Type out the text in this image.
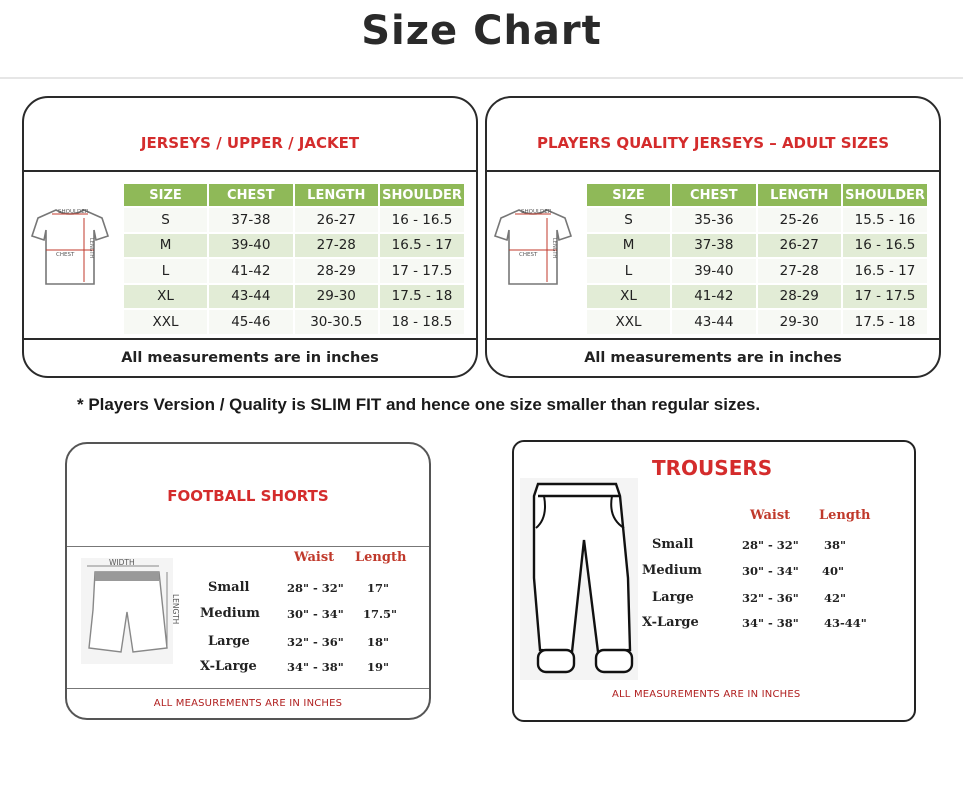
Size Chart
JERSEYS / UPPER / JACKET
SHOULDER
LENGTH
CHEST
SIZE	CHEST	LENGTH	SHOULDER
S	37-38	26-27	16 - 16.5
M	39-40	27-28	16.5 - 17
L	41-42	28-29	17 - 17.5
XL	43-44	29-30	17.5 - 18
XXL	45-46	30-30.5	18 - 18.5
All measurements are in inches
PLAYERS QUALITY JERSEYS – ADULT SIZES
SHOULDER
LENGTH
CHEST
SIZE	CHEST	LENGTH	SHOULDER
S	35-36	25-26	15.5 - 16
M	37-38	26-27	16 - 16.5
L	39-40	27-28	16.5 - 17
XL	41-42	28-29	17 - 17.5
XXL	43-44	29-30	17.5 - 18
All measurements are in inches
* Players Version / Quality is SLIM FIT and hence one size smaller than regular sizes.
FOOTBALL SHORTS
WIDTH
LENGTH
Waist Length
Small	28" - 32" 17"
Medium 30" - 34" 17.5"
Large	32" - 36" 18"
X-Large	34" - 38" 19"
ALL MEASUREMENTS ARE IN INCHES
TROUSERS
Waist Length
Small	28" - 32" 38"
Medium	30" - 34" 40"
Large	32" - 36" 42"
X-Large	34" - 38" 43-44"
ALL MEASUREMENTS ARE IN INCHES
